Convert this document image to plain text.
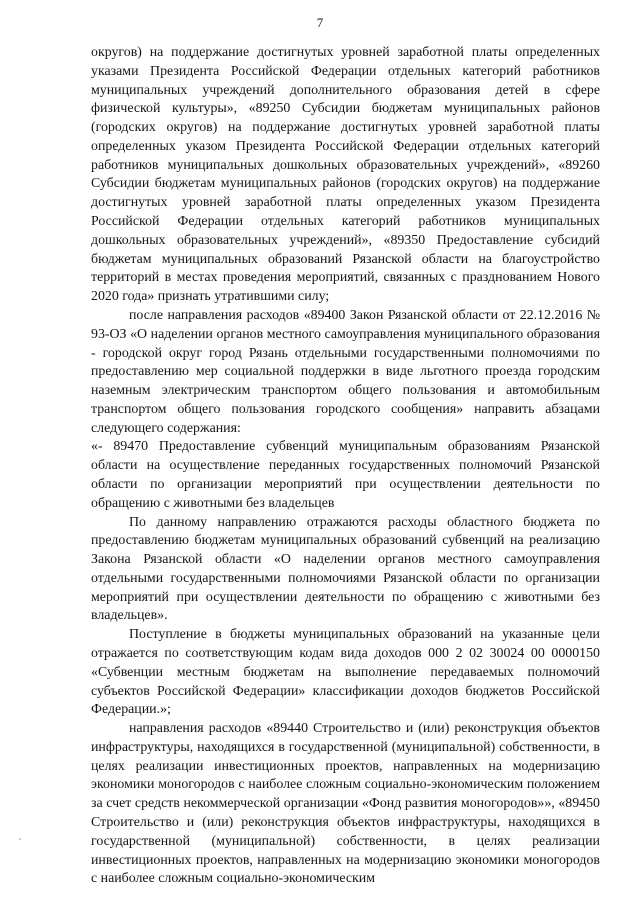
7

округов) на поддержание достигнутых уровней заработной платы определенных указами Президента Российской Федерации отдельных категорий работников муниципальных учреждений дополнительного образования детей в сфере физической культуры», «89250 Субсидии бюджетам муниципальных районов (городских округов) на поддержание достигнутых уровней заработной платы определенных указом Президента Российской Федерации отдельных категорий работников муниципальных дошкольных образовательных учреждений», «89260 Субсидии бюджетам муниципальных районов (городских округов) на поддержание достигнутых уровней заработной платы определенных указом Президента Российской Федерации отдельных категорий работников муниципальных дошкольных образовательных учреждений», «89350 Предоставление субсидий бюджетам муниципальных образований Рязанской области на благоустройство территорий в местах проведения мероприятий, связанных с празднованием Нового 2020 года» признать утратившими силу;

после направления расходов «89400 Закон Рязанской области от 22.12.2016 № 93-ОЗ «О наделении органов местного самоуправления муниципального образования - городской округ город Рязань отдельными государственными полномочиями по предоставлению мер социальной поддержки в виде льготного проезда городским наземным электрическим транспортом общего пользования и автомобильным транспортом общего пользования городского сообщения» направить абзацами следующего содержания:

«- 89470 Предоставление субвенций муниципальным образованиям Рязанской области на осуществление переданных государственных полномочий Рязанской области по организации мероприятий при осуществлении деятельности по обращению с животными без владельцев

По данному направлению отражаются расходы областного бюджета по предоставлению бюджетам муниципальных образований субвенций на реализацию Закона Рязанской области «О наделении органов местного самоуправления отдельными государственными полномочиями Рязанской области по организации мероприятий при осуществлении деятельности по обращению с животными без владельцев».

Поступление в бюджеты муниципальных образований на указанные цели отражается по соответствующим кодам вида доходов 000 2 02 30024 00 0000150 «Субвенции местным бюджетам на выполнение передаваемых полномочий субъектов Российской Федерации» классификации доходов бюджетов Российской Федерации.»;

направления расходов «89440 Строительство и (или) реконструкция объектов инфраструктуры, находящихся в государственной (муниципальной) собственности, в целях реализации инвестиционных проектов, направленных на модернизацию экономики моногородов с наиболее сложным социально-экономическим положением за счет средств некоммерческой организации «Фонд развития моногородов»», «89450 Строительство и (или) реконструкция объектов инфраструктуры, находящихся в государственной (муниципальной) собственности, в целях реализации инвестиционных проектов, направленных на модернизацию экономики моногородов с наиболее сложным социально-экономическим
